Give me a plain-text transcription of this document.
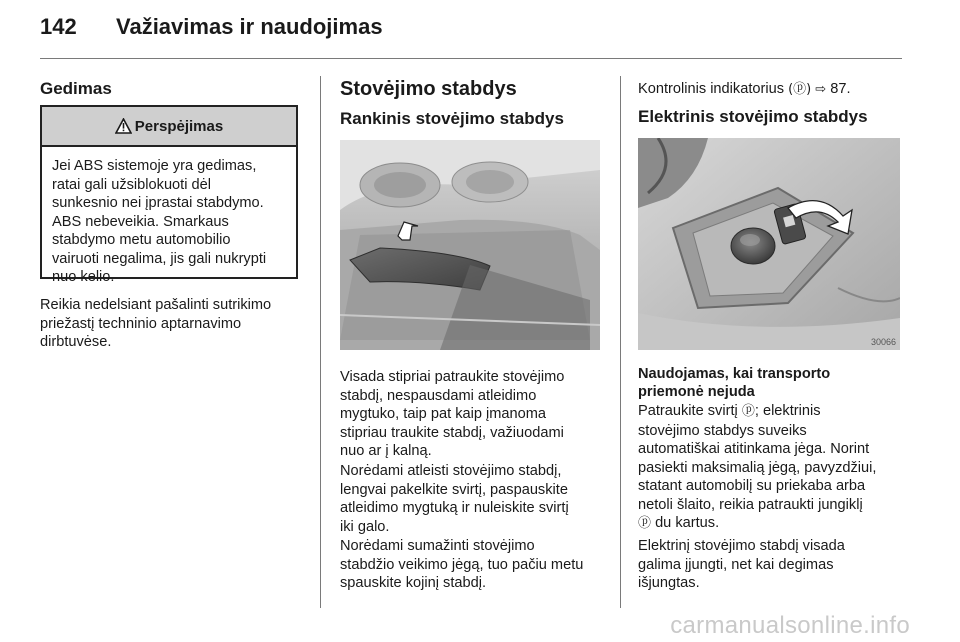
142 Važiavimas ir naudojimas
Gedimas
Perspėjimas
Jei ABS sistemoje yra gedimas,
ratai gali užsiblokuoti dėl
sunkesnio nei įprastai stabdymo.
ABS nebeveikia. Smarkaus
stabdymo metu automobilio
vairuoti negalima, jis gali nukrypti
nuo kelio.
Reikia nedelsiant pašalinti sutrikimo
priežastį techninio aptarnavimo
dirbtuvėse.
Stovėjimo stabdys
Rankinis stovėjimo stabdys
Visada stipriai patraukite stovėjimo
stabdį, nespausdami atleidimo
mygtuko, taip pat kaip įmanoma
stipriau traukite stabdį, važiuodami
nuo ar į kalną.
Norėdami atleisti stovėjimo stabdį,
lengvai pakelkite svirtį, paspauskite
atleidimo mygtuką ir nuleiskite svirtį
iki galo.
Norėdami sumažinti stovėjimo
stabdžio veikimo jėgą, tuo pačiu metu
spauskite kojinį stabdį.
Kontrolinis indikatorius (ⓟ) ⇨ 87.
Elektrinis stovėjimo stabdys
30066
Naudojamas, kai transporto
priemonė nejuda
Patraukite svirtį ⓟ; elektrinis
stovėjimo stabdys suveiks
automatiškai atitinkama jėga. Norint
pasiekti maksimalią jėgą, pavyzdžiui,
statant automobilį su priekaba arba
netoli šlaito, reikia patraukti jungiklį
ⓟ du kartus.
Elektrinį stovėjimo stabdį visada
galima įjungti, net kai degimas
išjungtas.
carmanualsonline.info
